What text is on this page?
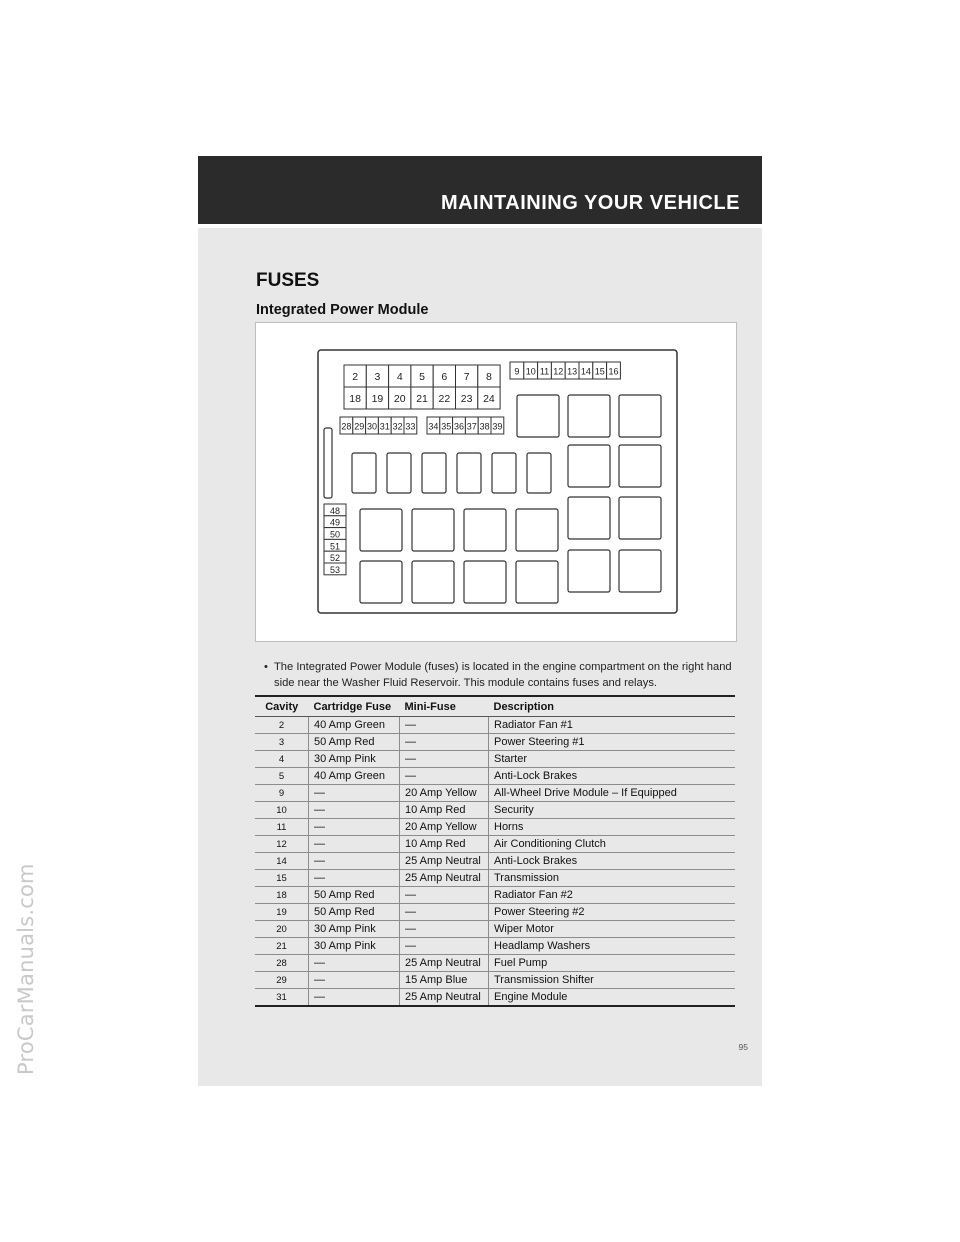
ProCarManuals.com
MAINTAINING YOUR VEHICLE
FUSES
Integrated Power Module
2 3 4 5 6 7 8
18 19 20 21 22 23 24
9 10 11 12 13 14 15 16
28 29 30 31 32 33 34 35 36 37 38 39
48
49
50
51
52
53
•  The Integrated Power Module (fuses) is located in the engine compartment on the right hand side near the Washer Fluid Reservoir. This module contains fuses and relays.
Cavity	Cartridge Fuse	Mini-Fuse	Description
2	40 Amp Green	—	Radiator Fan #1
3	50 Amp Red	—	Power Steering #1
4	30 Amp Pink	—	Starter
5	40 Amp Green	—	Anti-Lock Brakes
9	—	20 Amp Yellow	All-Wheel Drive Module – If Equipped
10	—	10 Amp Red	Security
11	—	20 Amp Yellow	Horns
12	—	10 Amp Red	Air Conditioning Clutch
14	—	25 Amp Neutral	Anti-Lock Brakes
15	—	25 Amp Neutral	Transmission
18	50 Amp Red	—	Radiator Fan #2
19	50 Amp Red	—	Power Steering #2
20	30 Amp Pink	—	Wiper Motor
21	30 Amp Pink	—	Headlamp Washers
28	—	25 Amp Neutral	Fuel Pump
29	—	15 Amp Blue	Transmission Shifter
31	—	25 Amp Neutral	Engine Module
95
